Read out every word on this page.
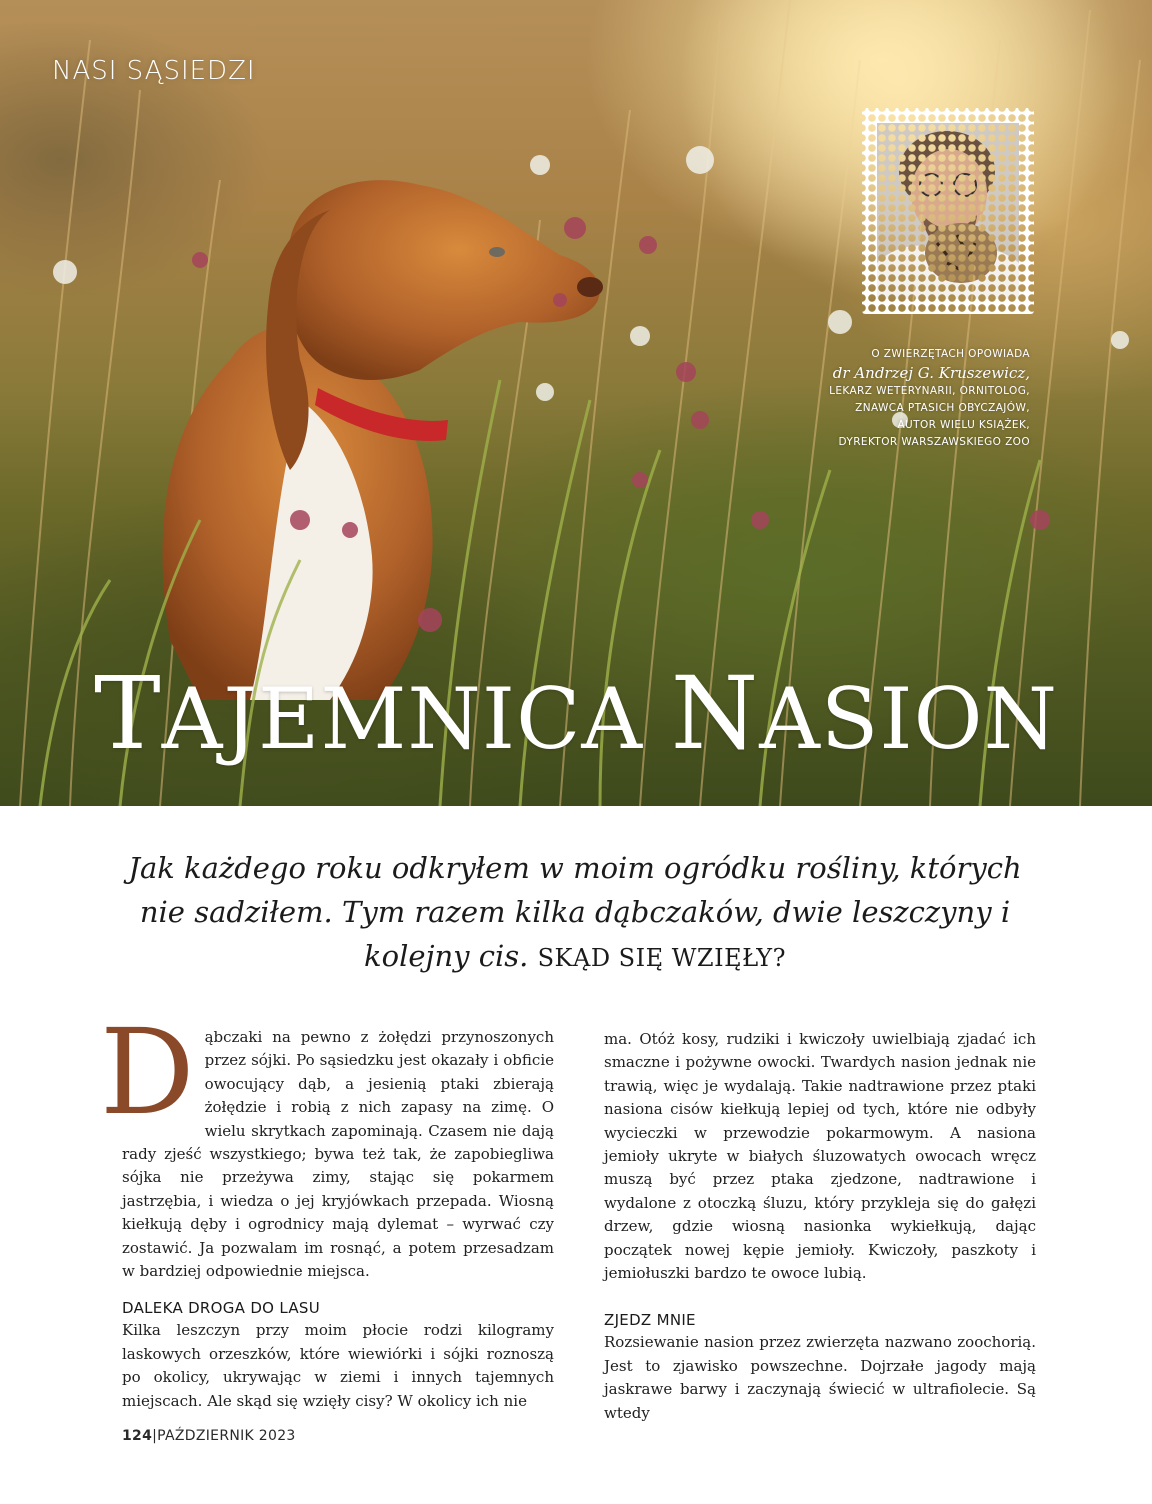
NASI SĄSIEDZI
O ZWIERZĘTACH OPOWIADA
dr Andrzej G. Kruszewicz,
LEKARZ WETERYNARII, ORNITOLOG,
ZNAWCA PTASICH OBYCZAJÓW,
AUTOR WIELU KSIĄŻEK,
DYREKTOR WARSZAWSKIEGO ZOO
TAJEMNICA NASION
Jak każdego roku odkryłem w moim ogródku rośliny, których nie sadziłem. Tym razem kilka dąbczaków, dwie leszczyny i kolejny cis. SKĄD SIĘ WZIĘŁY?
D ąbczaki na pewno z żołędzi przynoszonych przez sójki. Po sąsiedzku jest okazały i obficie owocujący dąb, a jesienią ptaki zbierają żołędzie i robią z nich zapasy na zimę. O wielu skrytkach zapominają. Czasem nie dają rady zjeść wszystkiego; bywa też tak, że zapobiegliwa sójka nie przeżywa zimy, stając się pokarmem jastrzębia, i wiedza o jej kryjówkach przepada. Wiosną kiełkują dęby i ogrodnicy mają dylemat – wyrwać czy zostawić. Ja pozwalam im rosnąć, a potem przesadzam w bardziej odpowiednie miejsca.

DALEKA DROGA DO LASU

Kilka leszczyn przy moim płocie rodzi kilogramy laskowych orzeszków, które wiewiórki i sójki roznoszą po okolicy, ukrywając w ziemi i innych tajemnych miejscach. Ale skąd się wzięły cisy? W okolicy ich nie

ma. Otóż kosy, rudziki i kwiczoły uwielbiają zjadać ich smaczne i pożywne owocki. Twardych nasion jednak nie trawią, więc je wydalają. Takie nadtrawione przez ptaki nasiona cisów kiełkują lepiej od tych, które nie odbyły wycieczki w przewodzie pokarmowym. A nasiona jemioły ukryte w białych śluzowatych owocach wręcz muszą być przez ptaka zjedzone, nadtrawione i wydalone z otoczką śluzu, który przykleja się do gałęzi drzew, gdzie wiosną nasionka wykiełkują, dając początek nowej kępie jemioły. Kwiczoły, paszkoty i jemiołuszki bardzo te owoce lubią.

ZJEDZ MNIE

Rozsiewanie nasion przez zwierzęta nazwano zoochorią. Jest to zjawisko powszechne. Dojrzałe jagody mają jaskrawe barwy i zaczynają świecić w ultrafiolecie. Są wtedy

124|PAŹDZIERNIK 2023
